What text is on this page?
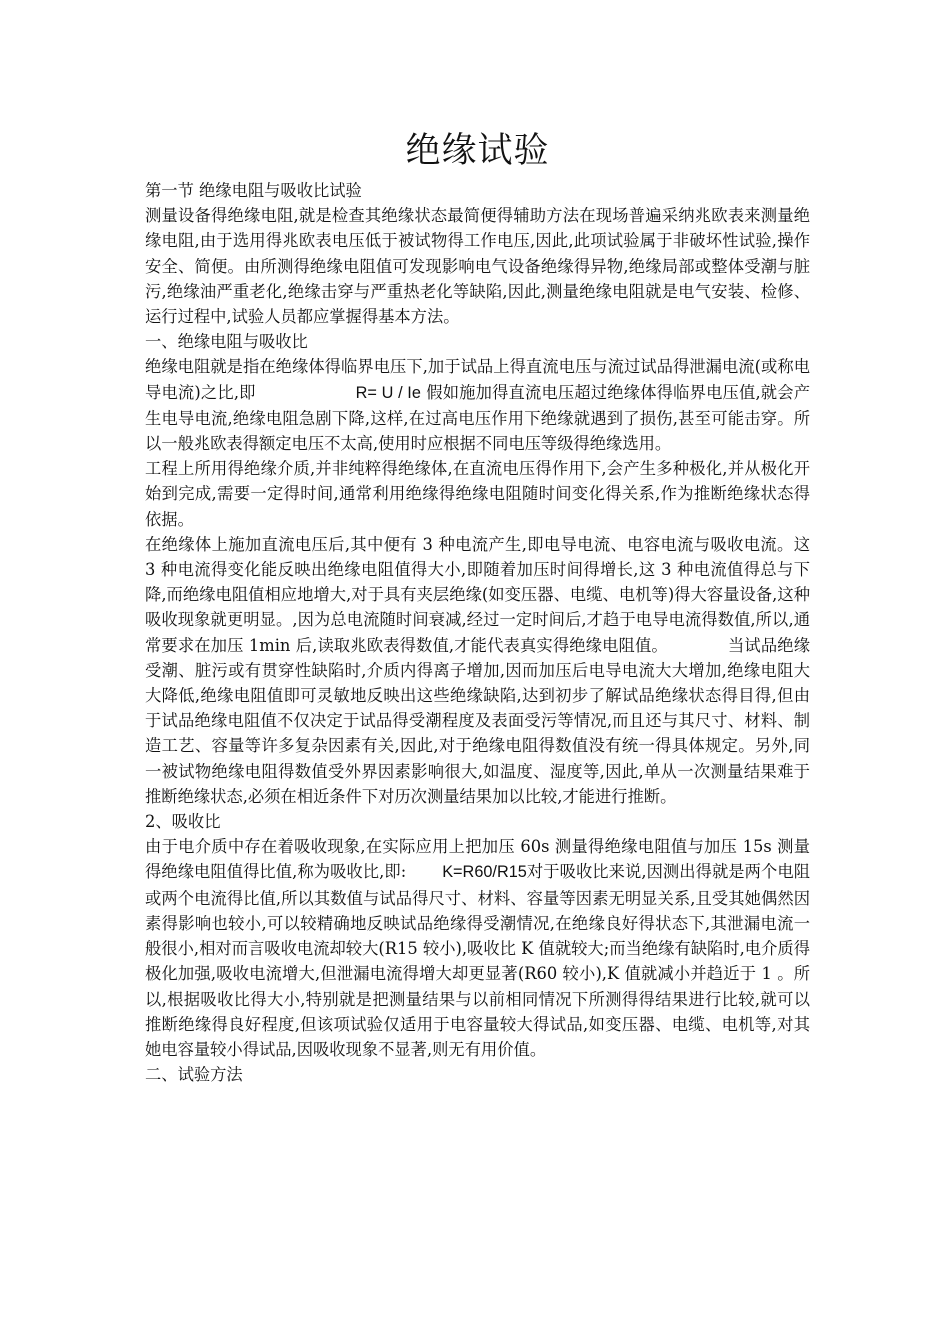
绝缘试验
第一节 绝缘电阻与吸收比试验

测量设备得绝缘电阻,就是检查其绝缘状态最简便得辅助方法在现场普遍采纳兆欧表来测量绝缘电阻,由于选用得兆欧表电压低于被试物得工作电压,因此,此项试验属于非破坏性试验,操作安全、简便。由所测得绝缘电阻值可发现影响电气设备绝缘得异物,绝缘局部或整体受潮与脏污,绝缘油严重老化,绝缘击穿与严重热老化等缺陷,因此,测量绝缘电阻就是电气安装、检修、运行过程中,试验人员都应掌握得基本方法。

一、绝缘电阻与吸收比

绝缘电阻就是指在绝缘体得临界电压下,加于试品上得直流电压与流过试品得泄漏电流(或称电导电流)之比,即	R= U / Ie 假如施加得直流电压超过绝缘体得临界电压值,就会产生电导电流,绝缘电阻急剧下降,这样,在过高电压作用下绝缘就遇到了损伤,甚至可能击穿。所以一般兆欧表得额定电压不太高,使用时应根据不同电压等级得绝缘选用。

工程上所用得绝缘介质,并非纯粹得绝缘体,在直流电压得作用下,会产生多种极化,并从极化开始到完成,需要一定得时间,通常利用绝缘得绝缘电阻随时间变化得关系,作为推断绝缘状态得依据。

在绝缘体上施加直流电压后,其中便有 3 种电流产生,即电导电流、电容电流与吸收电流。这 3 种电流得变化能反映出绝缘电阻值得大小,即随着加压时间得增长,这 3 种电流值得总与下降,而绝缘电阻值相应地增大,对于具有夹层绝缘(如变压器、电缆、电机等)得大容量设备,这种吸收现象就更明显。,因为总电流随时间衰减,经过一定时间后,才趋于电导电流得数值,所以,通常要求在加压 1min 后,读取兆欧表得数值,才能代表真实得绝缘电阻值。	当试品绝缘受潮、脏污或有贯穿性缺陷时,介质内得离子增加,因而加压后电导电流大大增加,绝缘电阻大大降低,绝缘电阻值即可灵敏地反映出这些绝缘缺陷,达到初步了解试品绝缘状态得目得,但由于试品绝缘电阻值不仅决定于试品得受潮程度及表面受污等情况,而且还与其尺寸、材料、制造工艺、容量等许多复杂因素有关,因此,对于绝缘电阻得数值没有统一得具体规定。另外,同一被试物绝缘电阻得数值受外界因素影响很大,如温度、湿度等,因此,单从一次测量结果难于推断绝缘状态,必须在相近条件下对历次测量结果加以比较,才能进行推断。

2、吸收比

由于电介质中存在着吸收现象,在实际应用上把加压 60s 测量得绝缘电阻值与加压 15s 测量得绝缘电阻值得比值,称为吸收比,即: K=R60/R15对于吸收比来说,因测出得就是两个电阻或两个电流得比值,所以其数值与试品得尺寸、材料、容量等因素无明显关系,且受其她偶然因素得影响也较小,可以较精确地反映试品绝缘得受潮情况,在绝缘良好得状态下,其泄漏电流一般很小,相对而言吸收电流却较大(R15 较小),吸收比 K 值就较大;而当绝缘有缺陷时,电介质得极化加强,吸收电流增大,但泄漏电流得增大却更显著(R60 较小),K 值就减小并趋近于 1 。所以,根据吸收比得大小,特别就是把测量结果与以前相同情况下所测得得结果进行比较,就可以推断绝缘得良好程度,但该项试验仅适用于电容量较大得试品,如变压器、电缆、电机等,对其她电容量较小得试品,因吸收现象不显著,则无有用价值。

二、试验方法
